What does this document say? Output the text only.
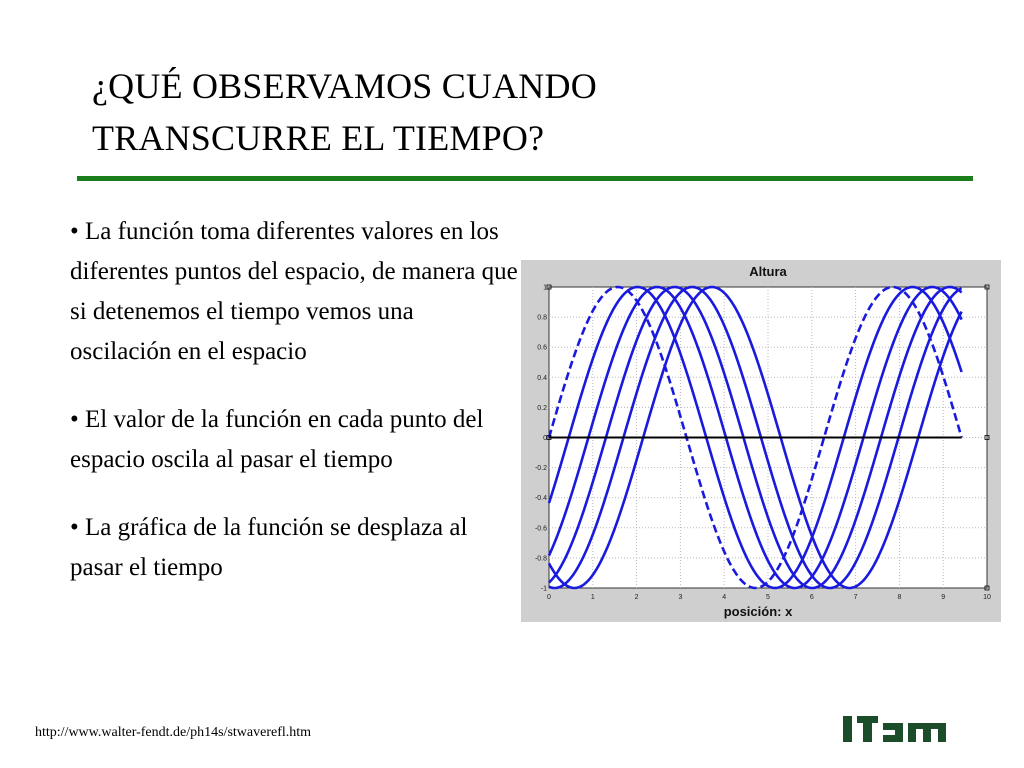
¿QUÉ OBSERVAMOS CUANDO
TRANSCURRE EL TIEMPO?
• La función toma diferentes valores en los diferentes puntos del espacio, de manera que si detenemos el tiempo vemos una oscilación en el espacio
• El valor de la función en cada punto del espacio oscila al pasar el tiempo
• La gráfica de la función se desplaza al pasar el tiempo
0	1	2	3	4	5	6	7	8	9	10
1
0.8
0.6
0.4
0.2
0
-0.2
-0.4
-0.6
-0.8
-1
Altura
posición: x
http://www.walter-fendt.de/ph14s/stwaverefl.htm
